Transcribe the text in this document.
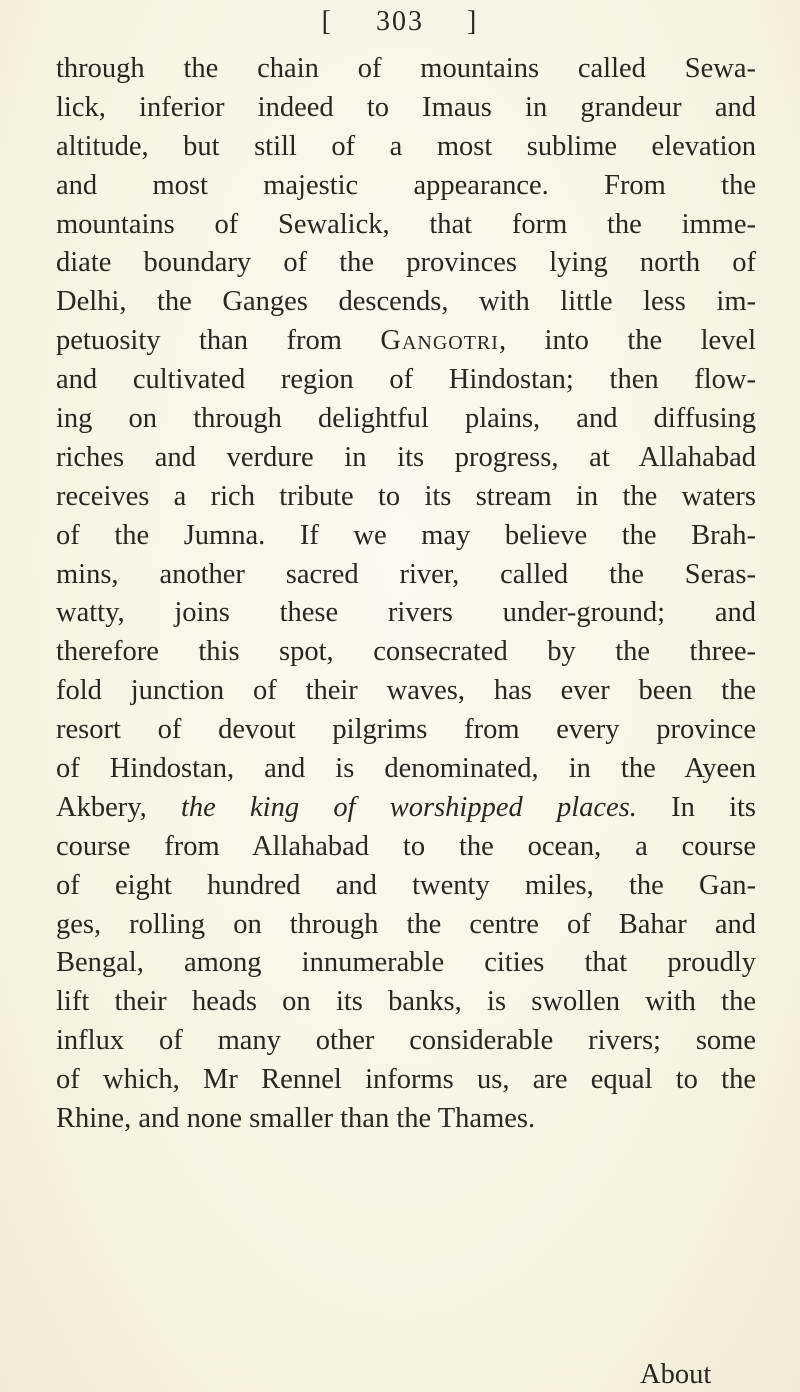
[ 303 ]
through the chain of mountains called Sewa-
lick, inferior indeed to Imaus in grandeur and
altitude, but still of a most sublime elevation
and most majestic appearance. From the
mountains of Sewalick, that form the imme-
diate boundary of the provinces lying north of
Delhi, the Ganges descends, with little less im-
petuosity than from Gangotri, into the level
and cultivated region of Hindostan; then flow-
ing on through delightful plains, and diffusing
riches and verdure in its progress, at Allahabad
receives a rich tribute to its stream in the waters
of the Jumna. If we may believe the Brah-
mins, another sacred river, called the Seras-
watty, joins these rivers under-ground; and
therefore this spot, consecrated by the three-
fold junction of their waves, has ever been the
resort of devout pilgrims from every province
of Hindostan, and is denominated, in the Ayeen
Akbery, the king of worshipped places. In its
course from Allahabad to the ocean, a course
of eight hundred and twenty miles, the Gan-
ges, rolling on through the centre of Bahar and
Bengal, among innumerable cities that proudly
lift their heads on its banks, is swollen with the
influx of many other considerable rivers; some
of which, Mr Rennel informs us, are equal to the
Rhine, and none smaller than the Thames.
About
